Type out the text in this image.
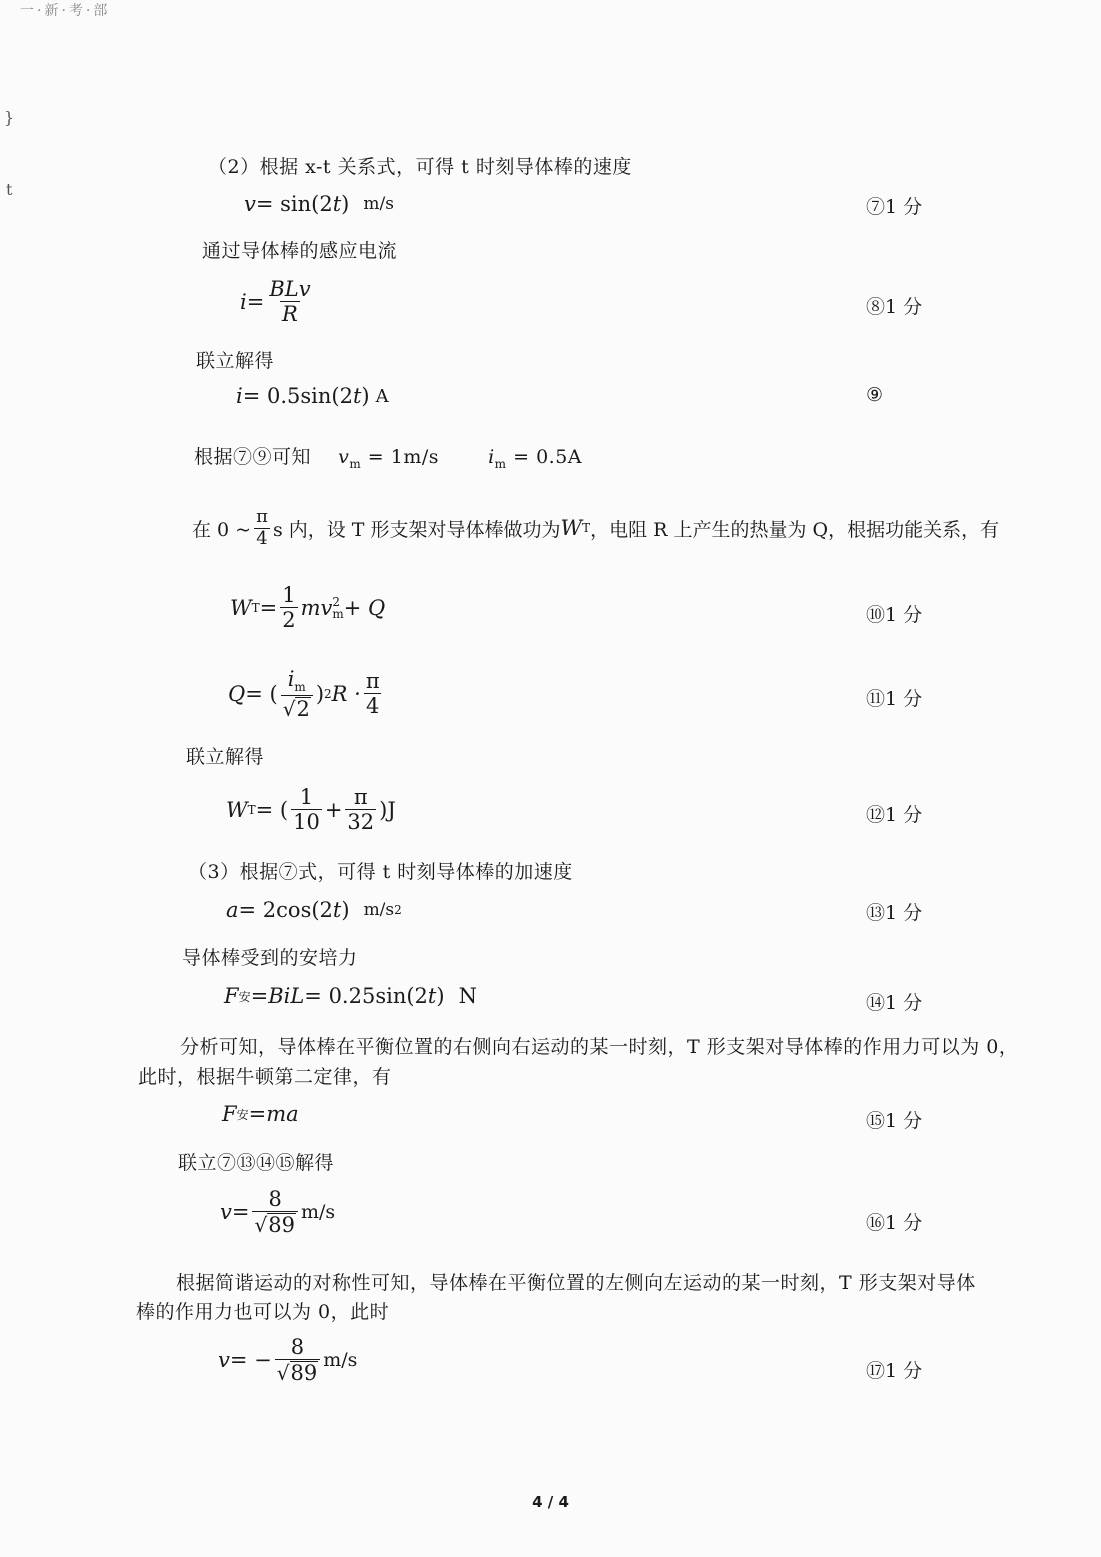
一·新·考·部
}
t
（2）根据 x-t 关系式，可得 t 时刻导体棒的速度
v = sin(2 t ) m/s	⑦1 分
通过导体棒的感应电流
$i = \frac{\text{BLv}}{R}$	⑧1 分
联立解得
i = 0.5sin(2 t ) A	⑨
根据⑦⑨可知 $v_m = 1m/s$	$i_m = 0.5A$
在 0 ~ $\frac{\pi}{4}$ s 内，设 T 形支架对导体棒做功为 W T ，电阻 R 上产生的热量为 Q，根据功能关系，有
W $T = \frac{1}{2}$ mv 2
m + Q	⑩1 分
Q = ( $\frac{i_m}{√ 2}$ ) 2 $R \cdot \frac{\pi}{4}$	⑪1 分
联立解得
W T = ( $\frac{1}{10} + \frac{\pi}{32} )J$	⑫1 分
（3）根据⑦式，可得 t 时刻导体棒的加速度
a = 2cos(2 t ) m/s 2	⑬1 分
导体棒受到的安培力
F 安 = BiL = 0.25sin(2 t ) N	⑭1 分
分析可知，导体棒在平衡位置的右侧向右运动的某一时刻，T 形支架对导体棒的作用力可以为 0，
此时，根据牛顿第二定律，有
F 安 = ma	⑮1 分
联立⑦⑬⑭⑮解得
$v = \frac{8}{√ 89} m/s$	⑯1 分
根据简谐运动的对称性可知，导体棒在平衡位置的左侧向左运动的某一时刻，T 形支架对导体
棒的作用力也可以为 0，此时
v = − $\frac{8}{√ 89} m/s$	⑰1 分
4 / 4
